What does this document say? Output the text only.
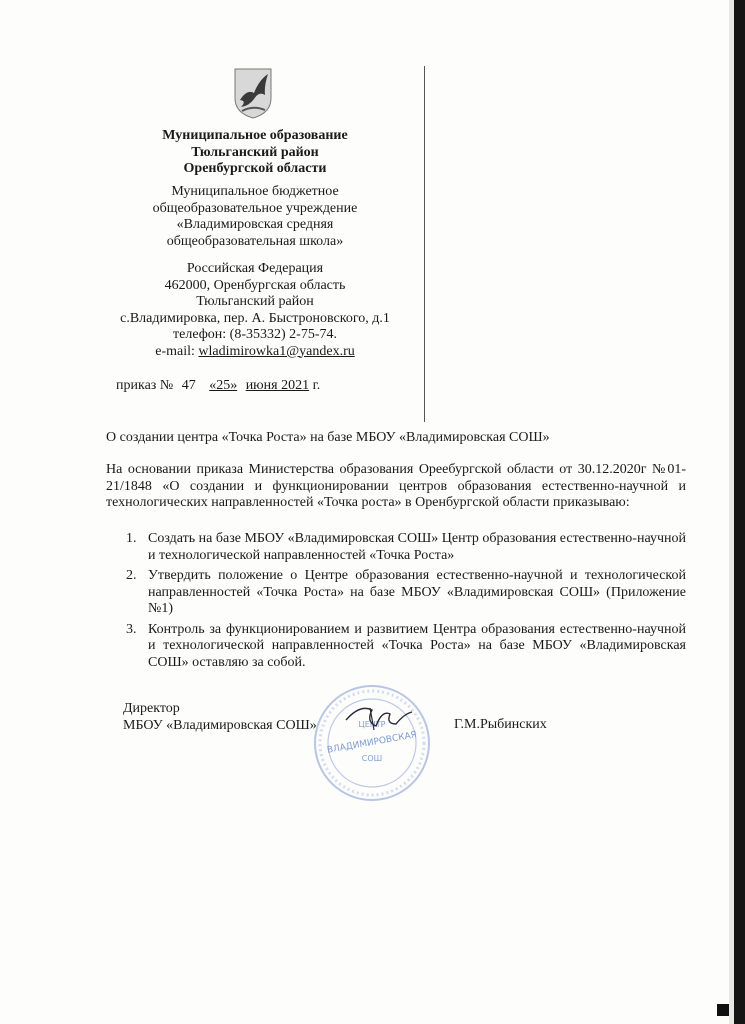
Муниципальное образование
Тюльганский район
Оренбургской области
Муниципальное бюджетное
общеобразовательное учреждение
«Владимировская средняя
общеобразовательная школа»
Российская Федерация
462000, Оренбургская область
Тюльганский район
с.Владимировка, пер. А. Быстроновского, д.1
телефон: (8-35332) 2-75-74.
e-mail: wladimirowka1@yandex.ru
приказ № 47 «25» июня 2021 г.
О создании центра «Точка Роста» на базе МБОУ «Владимировская СОШ»
На основании приказа Министерства образования Ореебургской области от 30.12.2020г №01-21/1848 «О создании и функционировании центров образования естественно-научной и технологических направленностей «Точка роста» в Оренбургской области приказываю:
1. Создать на базе МБОУ «Владимировская СОШ» Центр образования естественно-научной и технологической направленностей «Точка Роста»
2. Утвердить положение о Центре образования естественно-научной и технологической направленностей «Точка Роста» на базе МБОУ «Владимировская СОШ» (Приложение №1)
3. Контроль за функционированием и развитием Центра образования естественно-научной и технологической направленностей «Точка Роста» на базе МБОУ «Владимировская СОШ» оставляю за собой.
ЦЕНТР
ВЛАДИМИРОВСКАЯ
СОШ
Директор
МБОУ «Владимировская СОШ»	Г.М.Рыбинских
